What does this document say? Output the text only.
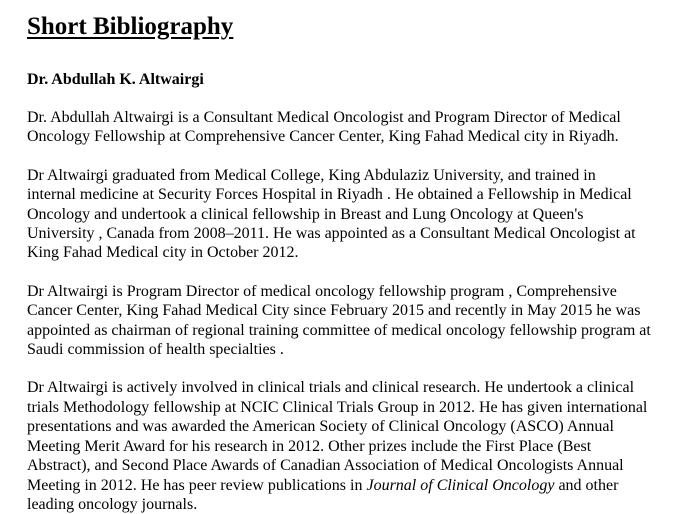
Short Bibliography
Dr. Abdullah K. Altwairgi
Dr. Abdullah Altwairgi is a Consultant Medical Oncologist and Program Director of Medical
Oncology Fellowship at Comprehensive Cancer Center, King Fahad Medical city in Riyadh.
Dr Altwairgi graduated from Medical College, King Abdulaziz University, and trained in
internal medicine at Security Forces Hospital in Riyadh . He obtained a Fellowship in Medical
Oncology and undertook a clinical fellowship in Breast and Lung Oncology at Queen's
University , Canada from 2008–2011. He was appointed as a Consultant Medical Oncologist at
King Fahad Medical city in October 2012.
Dr Altwairgi is Program Director of medical oncology fellowship program , Comprehensive
Cancer Center, King Fahad Medical City since February 2015 and recently in May 2015 he was
appointed as chairman of regional training committee of medical oncology fellowship program at
Saudi commission of health specialties .
Dr Altwairgi is actively involved in clinical trials and clinical research. He undertook a clinical
trials Methodology fellowship at NCIC Clinical Trials Group in 2012. He has given international
presentations and was awarded the American Society of Clinical Oncology (ASCO) Annual
Meeting Merit Award for his research in 2012. Other prizes include the First Place (Best
Abstract), and Second Place Awards of Canadian Association of Medical Oncologists Annual
Meeting in 2012. He has peer review publications in Journal of Clinical Oncology and other
leading oncology journals.
